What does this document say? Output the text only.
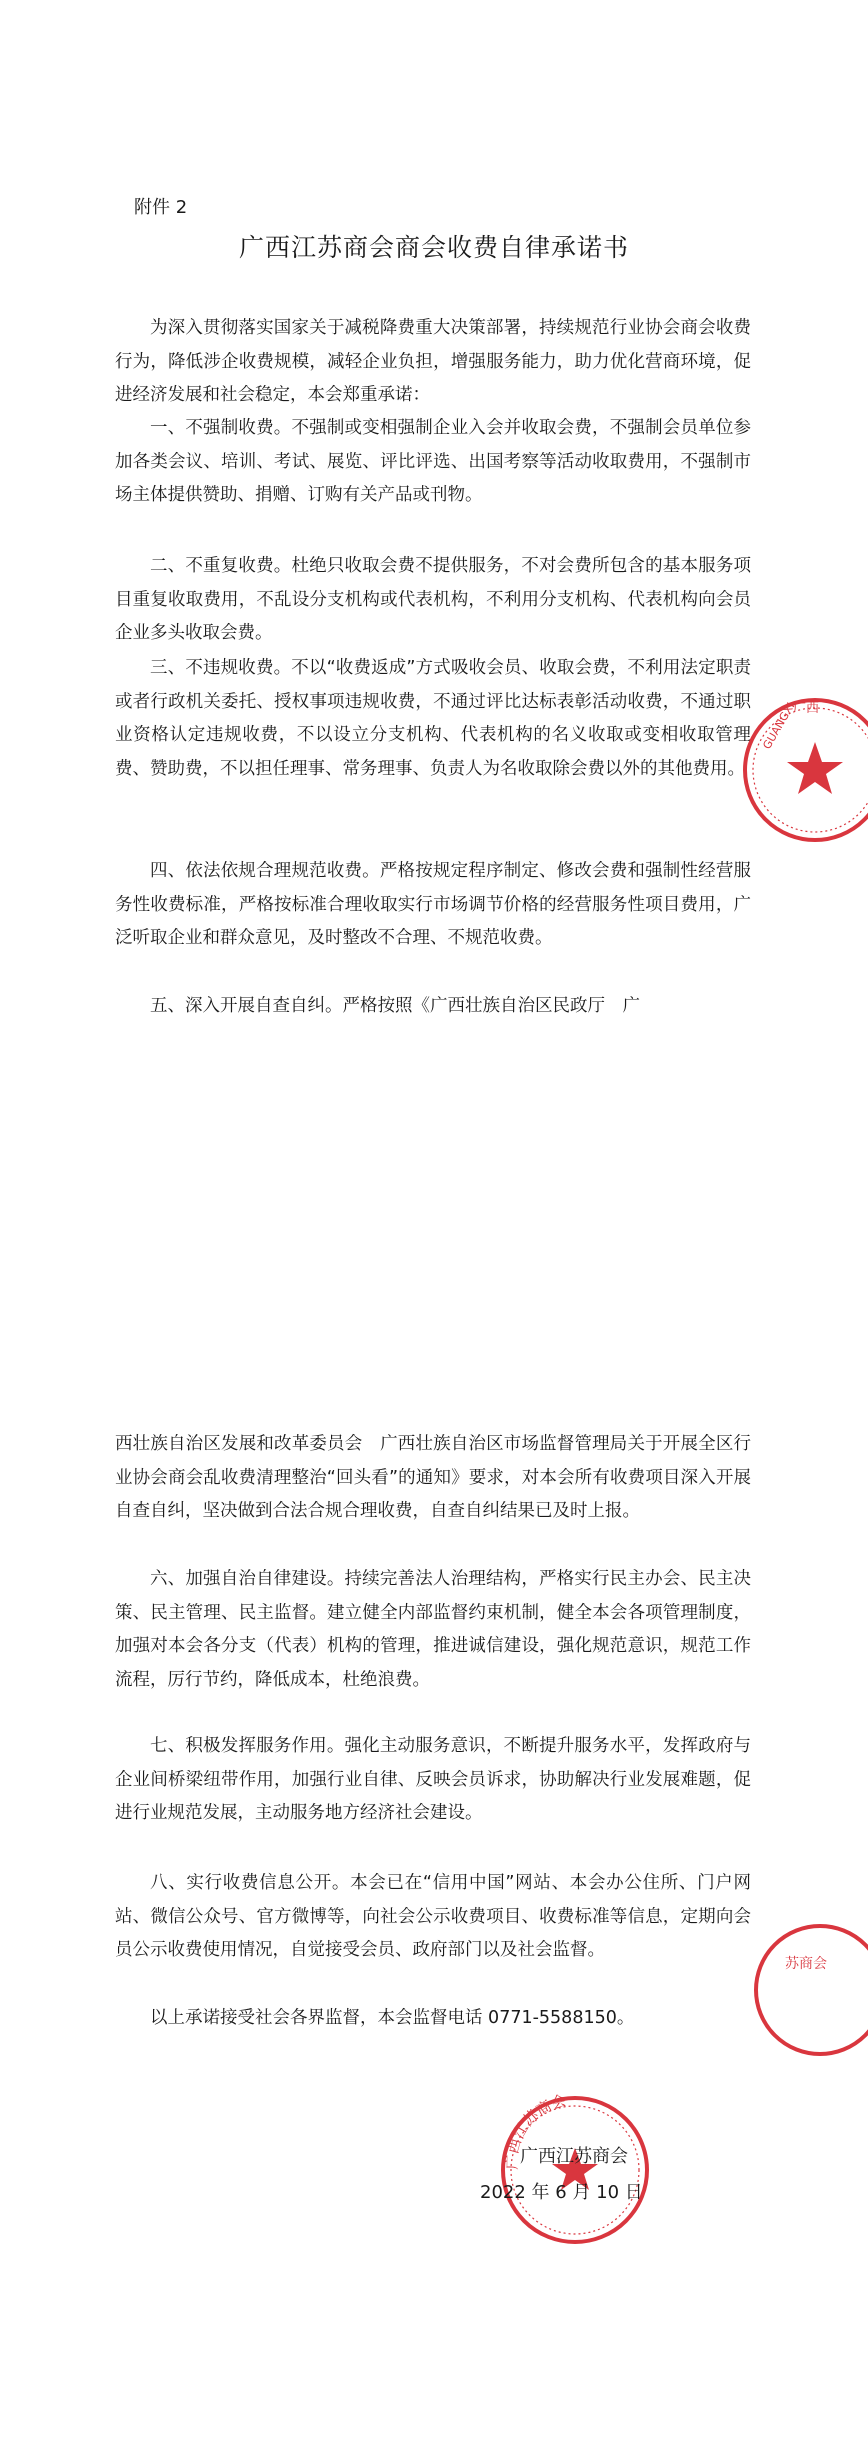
附件 2
广西江苏商会商会收费自律承诺书

为深入贯彻落实国家关于减税降费重大决策部署，持续规范行业协会商会收费行为，降低涉企收费规模，减轻企业负担，增强服务能力，助力优化营商环境，促进经济发展和社会稳定，本会郑重承诺：

一、不强制收费。不强制或变相强制企业入会并收取会费，不强制会员单位参加各类会议、培训、考试、展览、评比评选、出国考察等活动收取费用，不强制市场主体提供赞助、捐赠、订购有关产品或刊物。

二、不重复收费。杜绝只收取会费不提供服务，不对会费所包含的基本服务项目重复收取费用，不乱设分支机构或代表机构，不利用分支机构、代表机构向会员企业多头收取会费。

三、不违规收费。不以“收费返成”方式吸收会员、收取会费，不利用法定职责或者行政机关委托、授权事项违规收费，不通过评比达标表彰活动收费，不通过职业资格认定违规收费，不以设立分支机构、代表机构的名义收取或变相收取管理费、赞助费，不以担任理事、常务理事、负责人为名收取除会费以外的其他费用。

四、依法依规合理规范收费。严格按规定程序制定、修改会费和强制性经营服务性收费标准，严格按标准合理收取实行市场调节价格的经营服务性项目费用，广泛听取企业和群众意见，及时整改不合理、不规范收费。

五、深入开展自查自纠。严格按照《广西壮族自治区民政厅　广

GUANGXI
广西

西壮族自治区发展和改革委员会　广西壮族自治区市场监督管理局关于开展全区行业协会商会乱收费清理整治“回头看”的通知》要求，对本会所有收费项目深入开展自查自纠，坚决做到合法合规合理收费，自查自纠结果已及时上报。

六、加强自治自律建设。持续完善法人治理结构，严格实行民主办会、民主决策、民主管理、民主监督。建立健全内部监督约束机制，健全本会各项管理制度，加强对本会各分支（代表）机构的管理，推进诚信建设，强化规范意识，规范工作流程，厉行节约，降低成本，杜绝浪费。

七、积极发挥服务作用。强化主动服务意识，不断提升服务水平，发挥政府与企业间桥梁纽带作用，加强行业自律、反映会员诉求，协助解决行业发展难题，促进行业规范发展，主动服务地方经济社会建设。

八、实行收费信息公开。本会已在“信用中国”网站、本会办公住所、门户网站、微信公众号、官方微博等，向社会公示收费项目、收费标准等信息，定期向会员公示收费使用情况，自觉接受会员、政府部门以及社会监督。

以上承诺接受社会各界监督，本会监督电话 0771-5588150。

苏商会
广西江苏商会
广西江苏商会
2022 年 6 月 10 日
